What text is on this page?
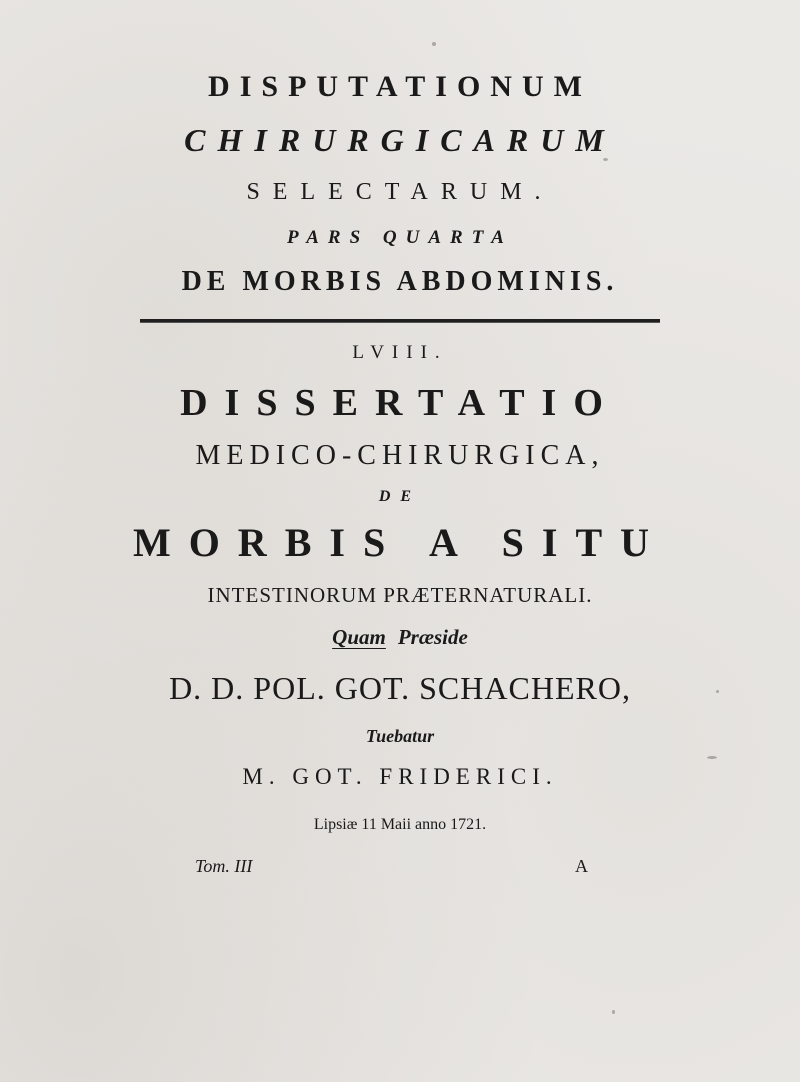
DISPUTATIONUM
CHIRURGICARUM
SELECTARUM.
PARS QUARTA
DE MORBIS ABDOMINIS.
LVIII.
DISSERTATIO
MEDICO-CHIRURGICA,
DE
MORBIS A SITU
INTESTINORUM PRÆTERNATURALI.
Quam Præside
D. D. POL. GOT. SCHACHERO,
Tuebatur
M. GOT. FRIDERICI.
Lipsiæ 11 Maii anno 1721.
Tom. III	A
